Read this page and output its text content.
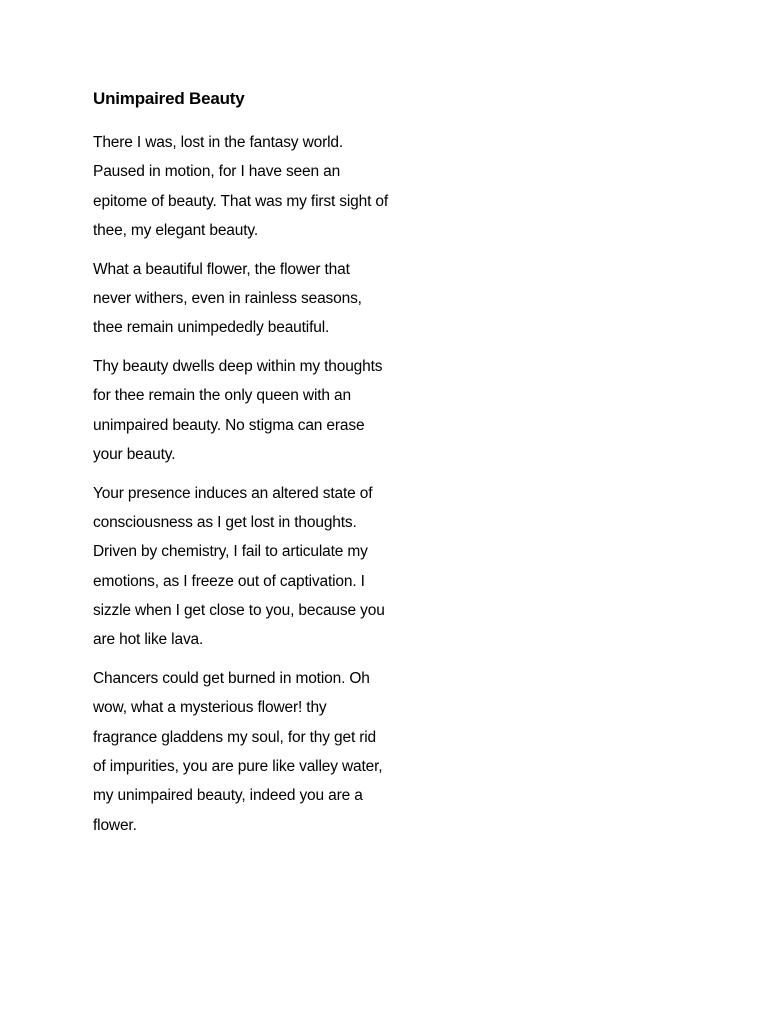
Unimpaired Beauty
There I was, lost in the fantasy world.
Paused in motion, for I have seen an
epitome of beauty. That was my first sight of
thee, my elegant beauty.
What a beautiful flower, the flower that
never withers, even in rainless seasons,
thee remain unimpededly beautiful.
Thy beauty dwells deep within my thoughts
for thee remain the only queen with an
unimpaired beauty. No stigma can erase
your beauty.
Your presence induces an altered state of
consciousness as I get lost in thoughts.
Driven by chemistry, I fail to articulate my
emotions, as I freeze out of captivation. I
sizzle when I get close to you, because you
are hot like lava.
Chancers could get burned in motion. Oh
wow, what a mysterious flower! thy
fragrance gladdens my soul, for thy get rid
of impurities, you are pure like valley water,
my unimpaired beauty, indeed you are a
flower.
